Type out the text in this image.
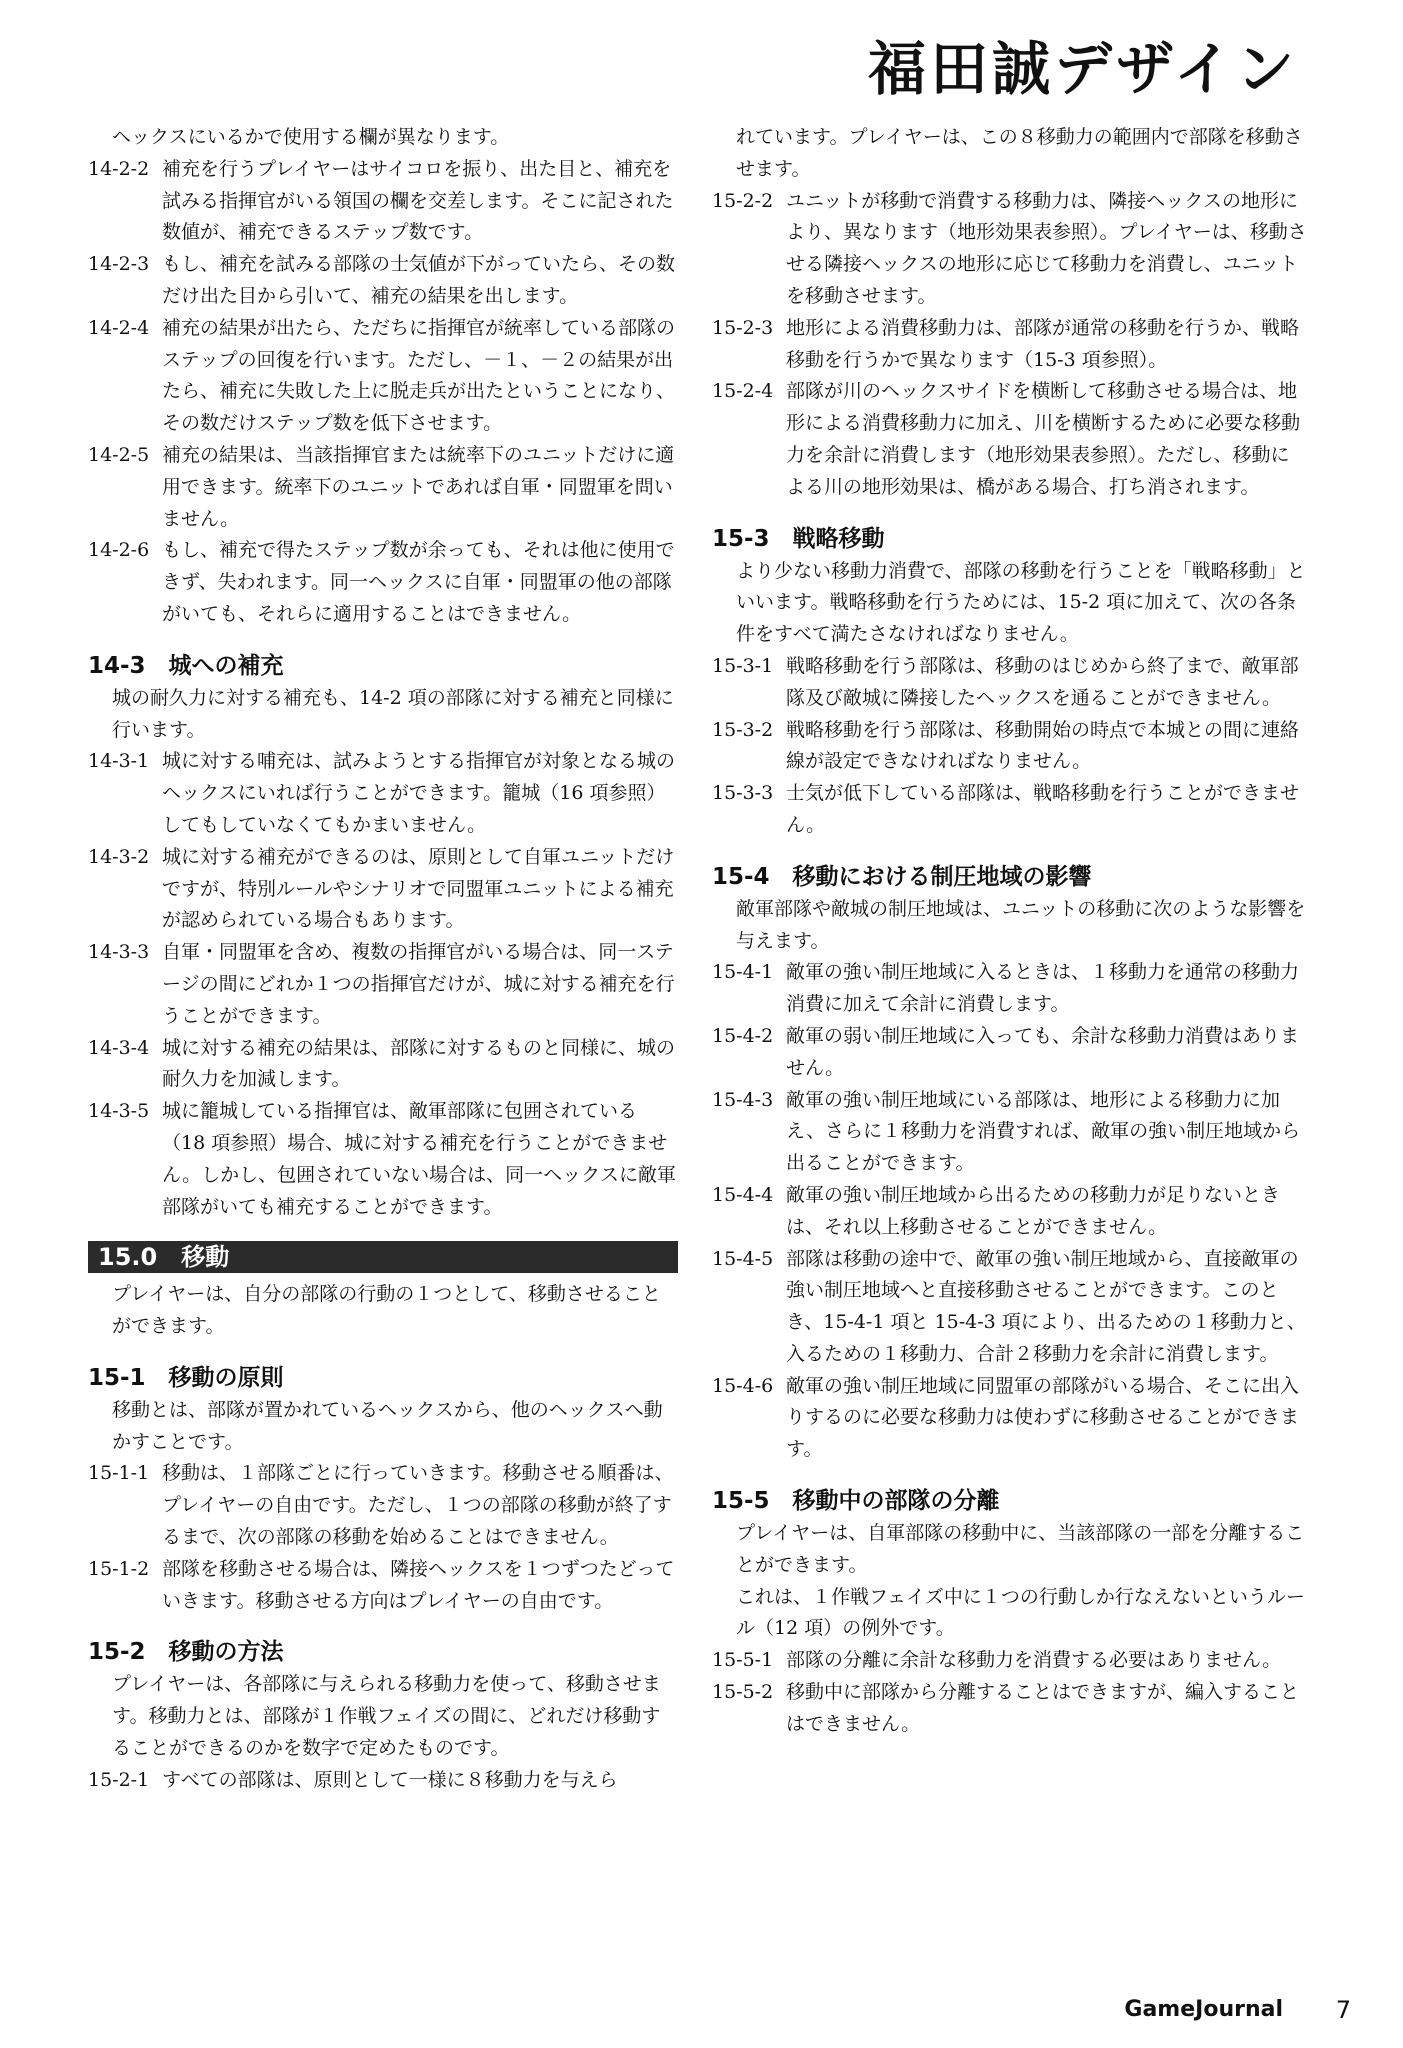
福田誠デザイン
ヘックスにいるかで使用する欄が異なります。
14-2-2 補充を行うプレイヤーはサイコロを振り、出た目と、補充を試みる指揮官がいる領国の欄を交差します。そこに記された数値が、補充できるステップ数です。
14-2-3 もし、補充を試みる部隊の士気値が下がっていたら、その数だけ出た目から引いて、補充の結果を出します。
14-2-4 補充の結果が出たら、ただちに指揮官が統率している部隊のステップの回復を行います。ただし、－１、－２の結果が出たら、補充に失敗した上に脱走兵が出たということになり、その数だけステップ数を低下させます。
14-2-5 補充の結果は、当該指揮官または統率下のユニットだけに適用できます。統率下のユニットであれば自軍・同盟軍を問いません。
14-2-6 もし、補充で得たステップ数が余っても、それは他に使用できず、失われます。同一ヘックスに自軍・同盟軍の他の部隊がいても、それらに適用することはできません。
14-3　城への補充
城の耐久力に対する補充も、14-2 項の部隊に対する補充と同様に行います。
14-3-1 城に対する哺充は、試みようとする指揮官が対象となる城のヘックスにいれば行うことができます。籠城（16 項参照）してもしていなくてもかまいません。
14-3-2 城に対する補充ができるのは、原則として自軍ユニットだけですが、特別ルールやシナリオで同盟軍ユニットによる補充が認められている場合もあります。
14-3-3 自軍・同盟軍を含め、複数の指揮官がいる場合は、同一ステージの間にどれか１つの指揮官だけが、城に対する補充を行うことができます。
14-3-4 城に対する補充の結果は、部隊に対するものと同様に、城の耐久力を加減します。
14-3-5 城に籠城している指揮官は、敵軍部隊に包囲されている（18 項参照）場合、城に対する補充を行うことができません。しかし、包囲されていない場合は、同一ヘックスに敵軍部隊がいても補充することができます。
15.0　移動
プレイヤーは、自分の部隊の行動の１つとして、移動させることができます。
15-1　移動の原則
移動とは、部隊が置かれているヘックスから、他のヘックスへ動かすことです。
15-1-1 移動は、１部隊ごとに行っていきます。移動させる順番は、プレイヤーの自由です。ただし、１つの部隊の移動が終了するまで、次の部隊の移動を始めることはできません。
15-1-2 部隊を移動させる場合は、隣接ヘックスを１つずつたどっていきます。移動させる方向はプレイヤーの自由です。
15-2　移動の方法
プレイヤーは、各部隊に与えられる移動力を使って、移動させます。移動力とは、部隊が１作戦フェイズの間に、どれだけ移動することができるのかを数字で定めたものです。
15-2-1 すべての部隊は、原則として一様に８移動力を与えら
れています。プレイヤーは、この８移動力の範囲内で部隊を移動させます。
15-2-2 ユニットが移動で消費する移動力は、隣接ヘックスの地形により、異なります（地形効果表参照）。プレイヤーは、移動させる隣接ヘックスの地形に応じて移動力を消費し、ユニットを移動させます。
15-2-3 地形による消費移動力は、部隊が通常の移動を行うか、戦略移動を行うかで異なります（15-3 項参照）。
15-2-4 部隊が川のヘックスサイドを横断して移動させる場合は、地形による消費移動力に加え、川を横断するために必要な移動力を余計に消費します（地形効果表参照）。ただし、移動による川の地形効果は、橋がある場合、打ち消されます。
15-3　戦略移動
より少ない移動力消費で、部隊の移動を行うことを「戦略移動」といいます。戦略移動を行うためには、15-2 項に加えて、次の各条件をすべて満たさなければなりません。
15-3-1 戦略移動を行う部隊は、移動のはじめから終了まで、敵軍部隊及び敵城に隣接したヘックスを通ることができません。
15-3-2 戦略移動を行う部隊は、移動開始の時点で本城との間に連絡線が設定できなければなりません。
15-3-3 士気が低下している部隊は、戦略移動を行うことができません。
15-4　移動における制圧地域の影響
敵軍部隊や敵城の制圧地域は、ユニットの移動に次のような影響を与えます。
15-4-1 敵軍の強い制圧地域に入るときは、１移動力を通常の移動力消費に加えて余計に消費します。
15-4-2 敵軍の弱い制圧地域に入っても、余計な移動力消費はありません。
15-4-3 敵軍の強い制圧地域にいる部隊は、地形による移動力に加え、さらに１移動力を消費すれば、敵軍の強い制圧地域から出ることができます。
15-4-4 敵軍の強い制圧地域から出るための移動力が足りないときは、それ以上移動させることができません。
15-4-5 部隊は移動の途中で、敵軍の強い制圧地域から、直接敵軍の強い制圧地域へと直接移動させることができます。このとき、15-4-1 項と 15-4-3 項により、出るための１移動力と、入るための１移動力、合計２移動力を余計に消費します。
15-4-6 敵軍の強い制圧地域に同盟軍の部隊がいる場合、そこに出入りするのに必要な移動力は使わずに移動させることができます。
15-5　移動中の部隊の分離
プレイヤーは、自軍部隊の移動中に、当該部隊の一部を分離することができます。
これは、１作戦フェイズ中に１つの行動しか行なえないというルール（12 項）の例外です。
15-5-1 部隊の分離に余計な移動力を消費する必要はありません。
15-5-2 移動中に部隊から分離することはできますが、編入することはできません。
GameJournal 7
